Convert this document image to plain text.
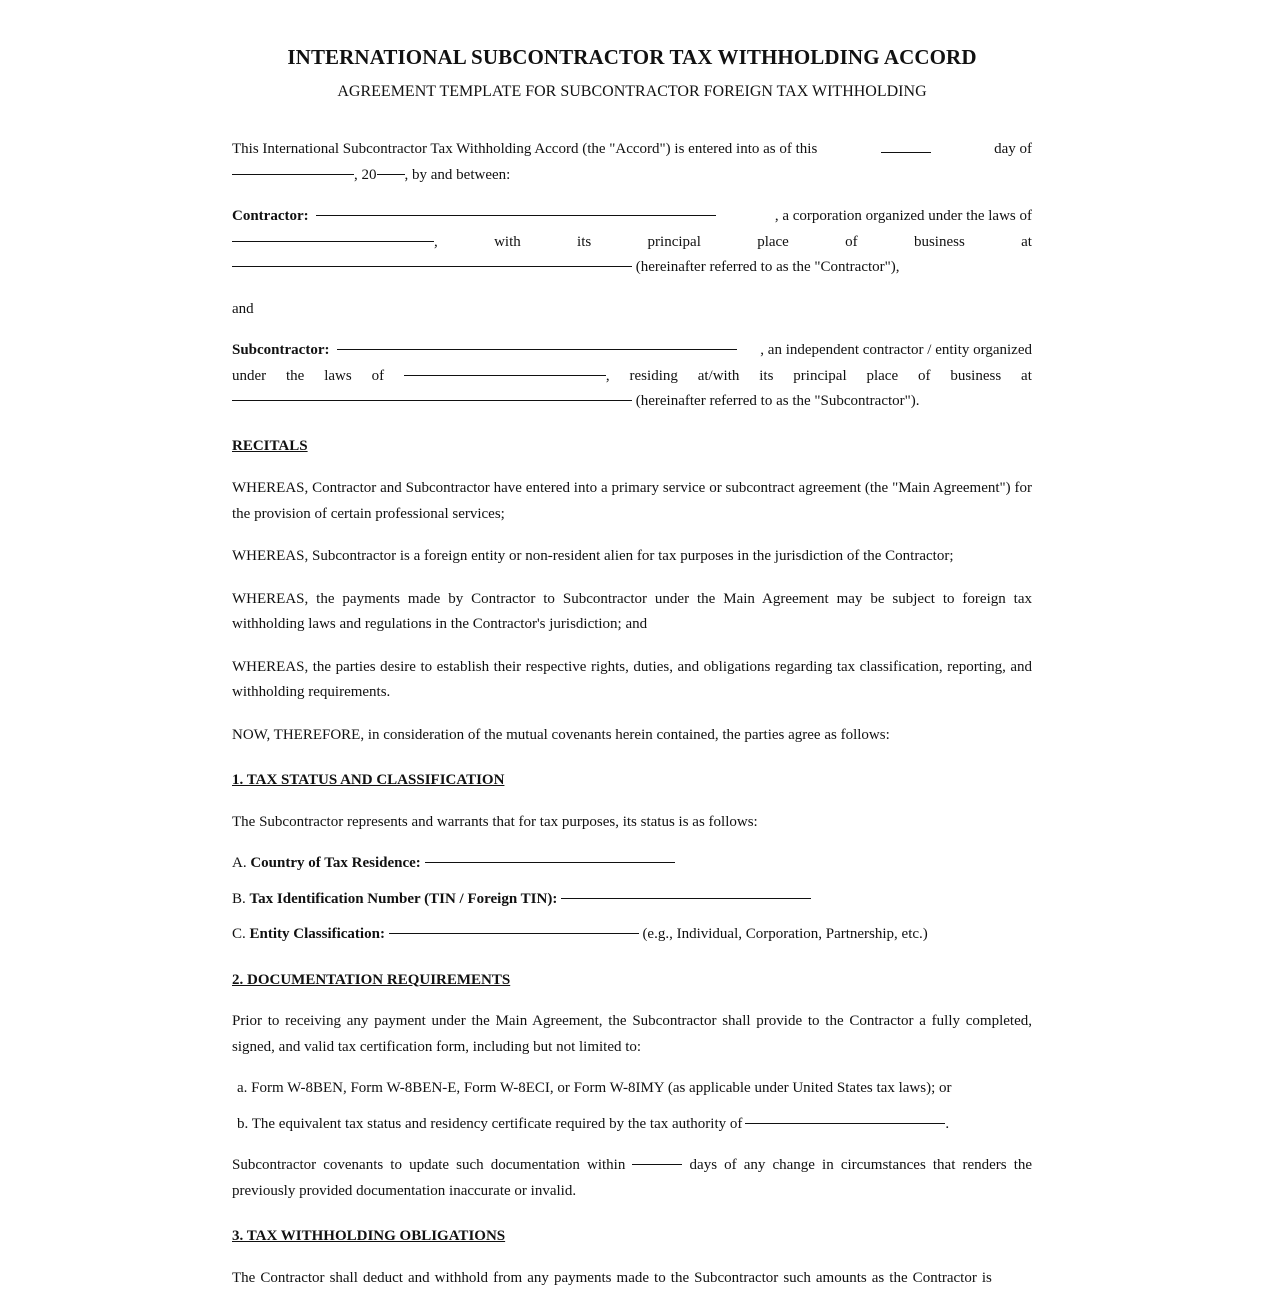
INTERNATIONAL SUBCONTRACTOR TAX WITHHOLDING ACCORD

AGREEMENT TEMPLATE FOR SUBCONTRACTOR FOREIGN TAX WITHHOLDING

This International Subcontractor Tax Withholding Accord (the "Accord") is entered into as of this	day of
, 20 , by and between:
Contractor:	, a corporation organized under the laws of
,	with	its	principal	place	of	business	at
(hereinafter referred to as the "Contractor"),

and

Subcontractor:	, an independent contractor / entity organized
under the laws of	, residing at/with its principal place of business at
(hereinafter referred to as the "Subcontractor").

RECITALS

WHEREAS, Contractor and Subcontractor have entered into a primary service or subcontract agreement (the "Main Agreement") for the provision of certain professional services;

WHEREAS, Subcontractor is a foreign entity or non-resident alien for tax purposes in the jurisdiction of the Contractor;

WHEREAS, the payments made by Contractor to Subcontractor under the Main Agreement may be subject to foreign tax withholding laws and regulations in the Contractor's jurisdiction; and

WHEREAS, the parties desire to establish their respective rights, duties, and obligations regarding tax classification, reporting, and withholding requirements.

NOW, THEREFORE, in consideration of the mutual covenants herein contained, the parties agree as follows:

1. TAX STATUS AND CLASSIFICATION

The Subcontractor represents and warrants that for tax purposes, its status is as follows:

A. Country of Tax Residence:

B. Tax Identification Number (TIN / Foreign TIN):

C. Entity Classification:	(e.g., Individual, Corporation, Partnership, etc.)

2. DOCUMENTATION REQUIREMENTS

Prior to receiving any payment under the Main Agreement, the Subcontractor shall provide to the Contractor a fully completed, signed, and valid tax certification form, including but not limited to:

a. Form W-8BEN, Form W-8BEN-E, Form W-8ECI, or Form W-8IMY (as applicable under United States tax laws); or

b. The equivalent tax status and residency certificate required by the tax authority of	.

Subcontractor covenants to update such documentation within	days of any change in circumstances that renders the previously provided documentation inaccurate or invalid.

3. TAX WITHHOLDING OBLIGATIONS

The Contractor shall deduct and withhold from any payments made to the Subcontractor such amounts as the Contractor is
